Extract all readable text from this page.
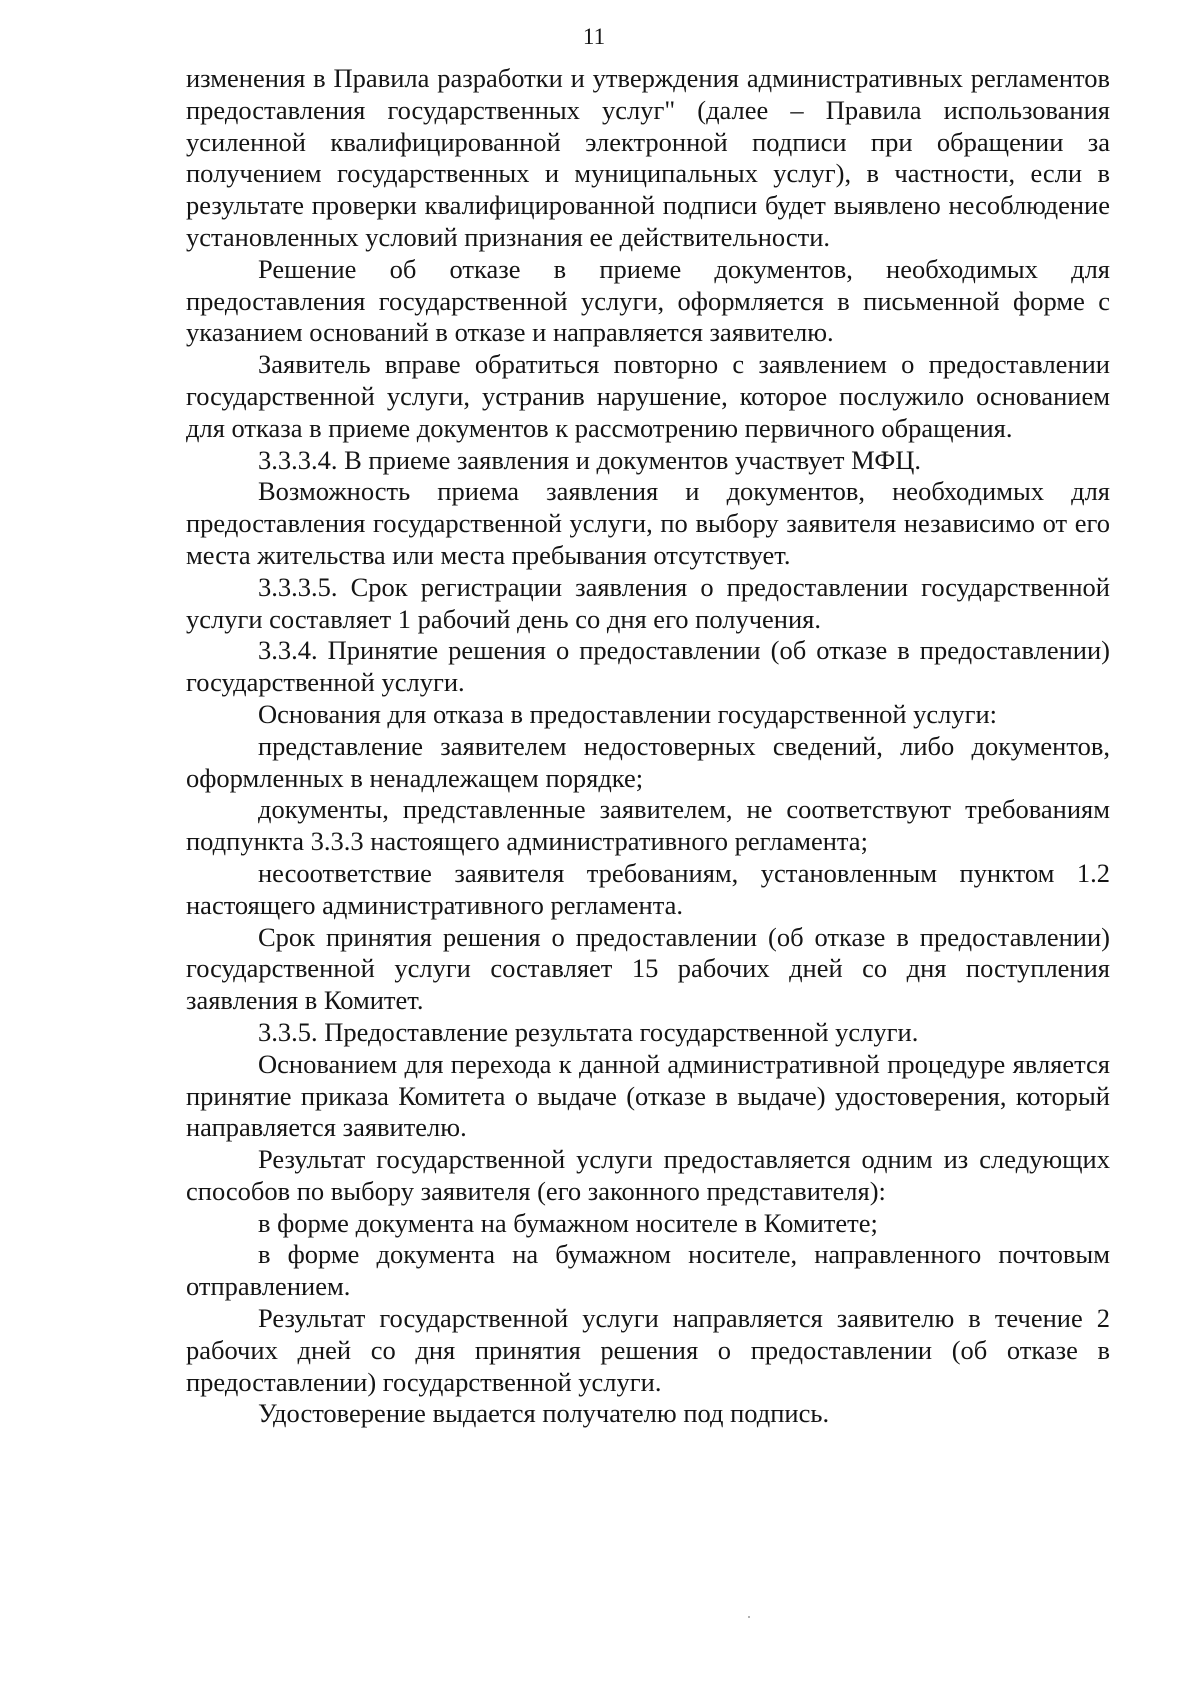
11

изменения в Правила разработки и утверждения административных регламентов предоставления государственных услуг" (далее – Правила использования усиленной квалифицированной электронной подписи при обращении за получением государственных и муниципальных услуг), в частности, если в результате проверки квалифицированной подписи будет выявлено несоблюдение установленных условий признания ее действительности.

Решение об отказе в приеме документов, необходимых для предоставления государственной услуги, оформляется в письменной форме с указанием оснований в отказе и направляется заявителю.

Заявитель вправе обратиться повторно с заявлением о предоставлении государственной услуги, устранив нарушение, которое послужило основанием для отказа в приеме документов к рассмотрению первичного обращения.

3.3.3.4. В приеме заявления и документов участвует МФЦ.

Возможность приема заявления и документов, необходимых для предоставления государственной услуги, по выбору заявителя независимо от его места жительства или места пребывания отсутствует.

3.3.3.5. Срок регистрации заявления о предоставлении государственной услуги составляет 1 рабочий день со дня его получения.

3.3.4. Принятие решения о предоставлении (об отказе в предоставлении) государственной услуги.

Основания для отказа в предоставлении государственной услуги:

представление заявителем недостоверных сведений, либо документов, оформленных в ненадлежащем порядке;

документы, представленные заявителем, не соответствуют требованиям подпункта 3.3.3 настоящего административного регламента;

несоответствие заявителя требованиям, установленным пунктом 1.2 настоящего административного регламента.

Срок принятия решения о предоставлении (об отказе в предоставлении) государственной услуги составляет 15 рабочих дней со дня поступления заявления в Комитет.

3.3.5. Предоставление результата государственной услуги.

Основанием для перехода к данной административной процедуре является принятие приказа Комитета о выдаче (отказе в выдаче) удостоверения, который направляется заявителю.

Результат государственной услуги предоставляется одним из следующих способов по выбору заявителя (его законного представителя):

в форме документа на бумажном носителе в Комитете;

в форме документа на бумажном носителе, направленного почтовым отправлением.

Результат государственной услуги направляется заявителю в течение 2 рабочих дней со дня принятия решения о предоставлении (об отказе в предоставлении) государственной услуги.

Удостоверение выдается получателю под подпись.
